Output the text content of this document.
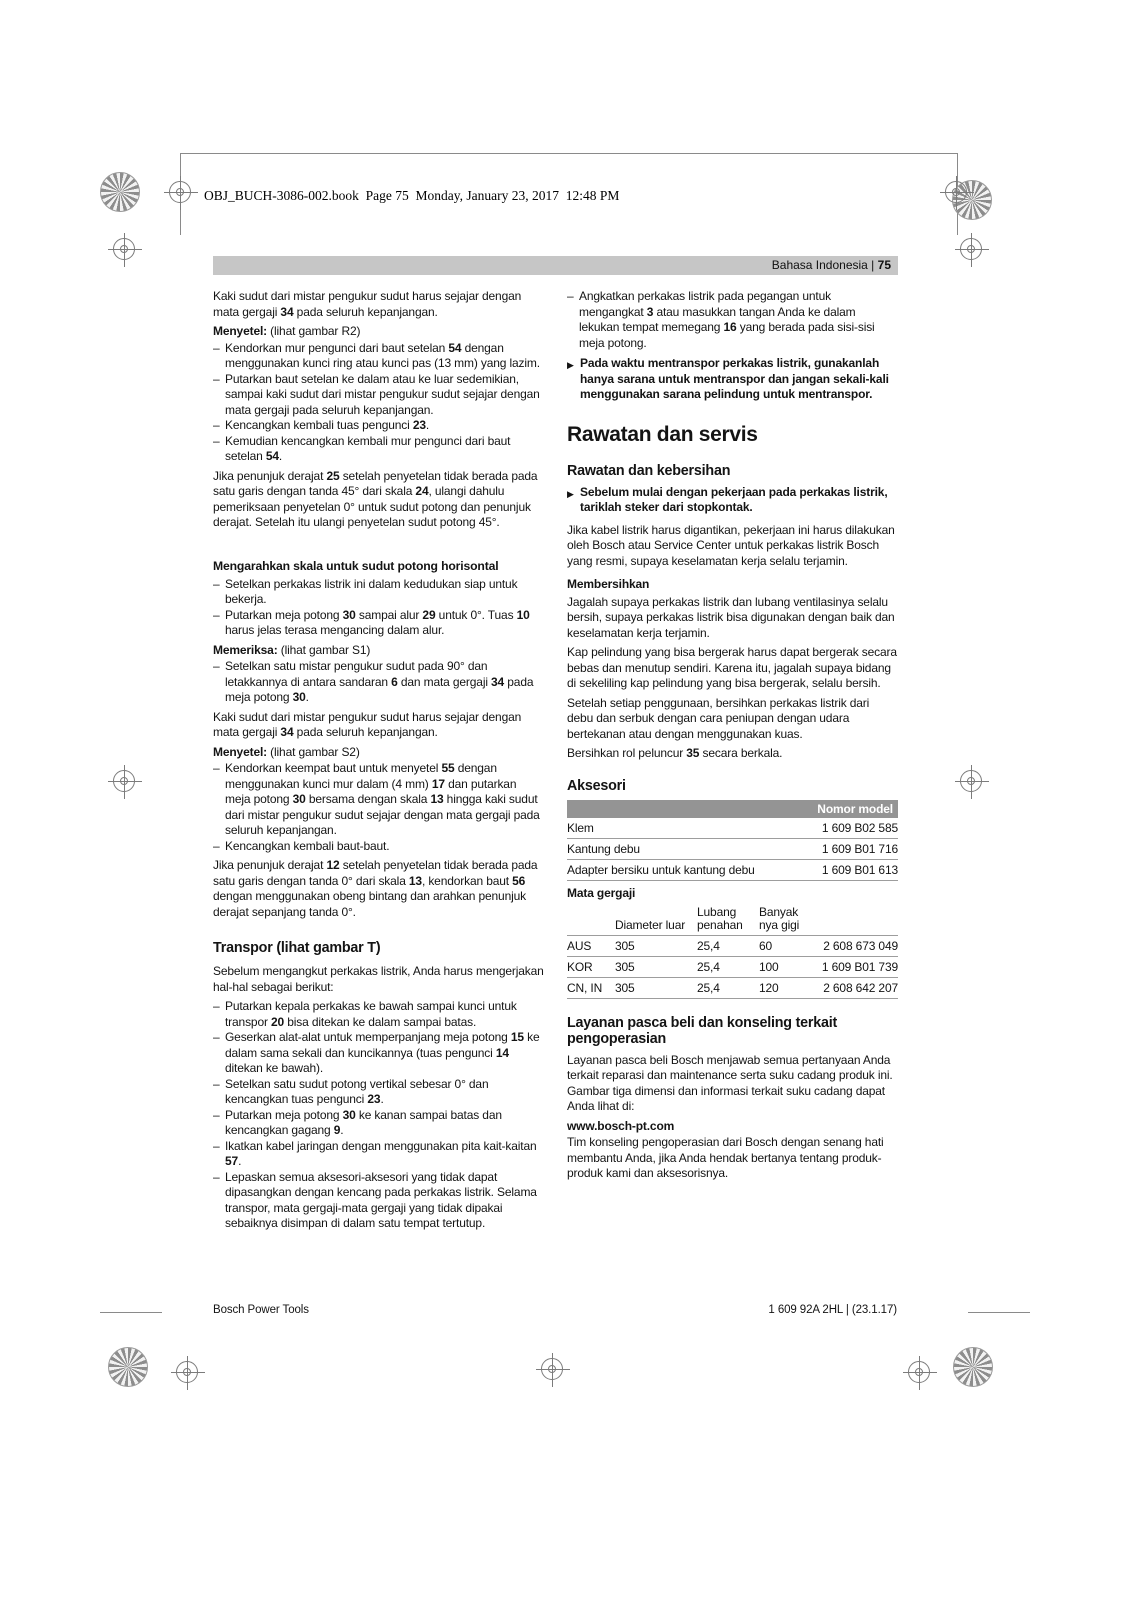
OBJ_BUCH-3086-002.book  Page 75  Monday, January 23, 2017  12:48 PM
Bahasa Indonesia | 75

Kaki sudut dari mistar pengukur sudut harus sejajar dengan mata gergaji 34 pada seluruh kepanjangan.

Menyetel: (lihat gambar R2)

– Kendorkan mur pengunci dari baut setelan 54 dengan menggunakan kunci ring atau kunci pas (13 mm) yang lazim.
– Putarkan baut setelan ke dalam atau ke luar sedemikian, sampai kaki sudut dari mistar pengukur sudut sejajar dengan mata gergaji pada seluruh kepanjangan.
– Kencangkan kembali tuas pengunci 23.
– Kemudian kencangkan kembali mur pengunci dari baut setelan 54.

Jika penunjuk derajat 25 setelah penyetelan tidak berada pada satu garis dengan tanda 45° dari skala 24, ulangi dahulu pemeriksaan penyetelan 0° untuk sudut potong dan penunjuk derajat. Setelah itu ulangi penyetelan sudut potong 45°.

Mengarahkan skala untuk sudut potong horisontal
– Setelkan perkakas listrik ini dalam kedudukan siap untuk bekerja.
– Putarkan meja potong 30 sampai alur 29 untuk 0°. Tuas 10 harus jelas terasa mengancing dalam alur.

Memeriksa: (lihat gambar S1)

– Setelkan satu mistar pengukur sudut pada 90° dan letakkannya di antara sandaran 6 dan mata gergaji 34 pada meja potong 30.

Kaki sudut dari mistar pengukur sudut harus sejajar dengan mata gergaji 34 pada seluruh kepanjangan.

Menyetel: (lihat gambar S2)

– Kendorkan keempat baut untuk menyetel 55 dengan menggunakan kunci mur dalam (4 mm) 17 dan putarkan meja potong 30 bersama dengan skala 13 hingga kaki sudut dari mistar pengukur sudut sejajar dengan mata gergaji pada seluruh kepanjangan.
– Kencangkan kembali baut-baut.

Jika penunjuk derajat 12 setelah penyetelan tidak berada pada satu garis dengan tanda 0° dari skala 13, kendorkan baut 56 dengan menggunakan obeng bintang dan arahkan penunjuk derajat sepanjang tanda 0°.

Transpor (lihat gambar T)

Sebelum mengangkut perkakas listrik, Anda harus mengerjakan hal-hal sebagai berikut:

– Putarkan kepala perkakas ke bawah sampai kunci untuk transpor 20 bisa ditekan ke dalam sampai batas.
– Geserkan alat-alat untuk memperpanjang meja potong 15 ke dalam sama sekali dan kuncikannya (tuas pengunci 14 ditekan ke bawah).
– Setelkan satu sudut potong vertikal sebesar 0° dan kencangkan tuas pengunci 23.
– Putarkan meja potong 30 ke kanan sampai batas dan kencangkan gagang 9.
– Ikatkan kabel jaringan dengan menggunakan pita kait-kaitan 57.
– Lepaskan semua aksesori-aksesori yang tidak dapat dipasangkan dengan kencang pada perkakas listrik. Selama transpor, mata gergaji-mata gergaji yang tidak dipakai sebaiknya disimpan di dalam satu tempat tertutup.
– Angkatkan perkakas listrik pada pegangan untuk mengangkat 3 atau masukkan tangan Anda ke dalam lekukan tempat memegang 16 yang berada pada sisi-sisi meja potong.
▶ Pada waktu mentranspor perkakas listrik, gunakanlah hanya sarana untuk mentranspor dan jangan sekali-kali menggunakan sarana pelindung untuk mentranspor.
Rawatan dan servis
Rawatan dan kebersihan
▶ Sebelum mulai dengan pekerjaan pada perkakas listrik, tariklah steker dari stopkontak.

Jika kabel listrik harus digantikan, pekerjaan ini harus dilakukan oleh Bosch atau Service Center untuk perkakas listrik Bosch yang resmi, supaya keselamatan kerja selalu terjamin.

Membersihkan

Jagalah supaya perkakas listrik dan lubang ventilasinya selalu bersih, supaya perkakas listrik bisa digunakan dengan baik dan keselamatan kerja terjamin.

Kap pelindung yang bisa bergerak harus dapat bergerak secara bebas dan menutup sendiri. Karena itu, jagalah supaya bidang di sekeliling kap pelindung yang bisa bergerak, selalu bersih.

Setelah setiap penggunaan, bersihkan perkakas listrik dari debu dan serbuk dengan cara peniupan dengan udara bertekanan atau dengan menggunakan kuas.

Bersihkan rol peluncur 35 secara berkala.

Aksesori
				Nomor model
Klem				1 609 B02 585
Kantung debu				1 609 B01 716
Adapter bersiku untuk kantung debu				1 609 B01 613
Mata gergaji				
	Diameter luar	Lubang penahan	Banyak nya gigi	
AUS	305	25,4	60	2 608 673 049
KOR	305	25,4	100	1 609 B01 739
CN, IN	305	25,4	120	2 608 642 207
Layanan pasca beli dan konseling terkait pengoperasian

Layanan pasca beli Bosch menjawab semua pertanyaan Anda terkait reparasi dan maintenance serta suku cadang produk ini. Gambar tiga dimensi dan informasi terkait suku cadang dapat Anda lihat di:

www.bosch-pt.com

Tim konseling pengoperasian dari Bosch dengan senang hati membantu Anda, jika Anda hendak bertanya tentang produk-produk kami dan aksesorisnya.

Bosch Power Tools	1 609 92A 2HL | (23.1.17)
